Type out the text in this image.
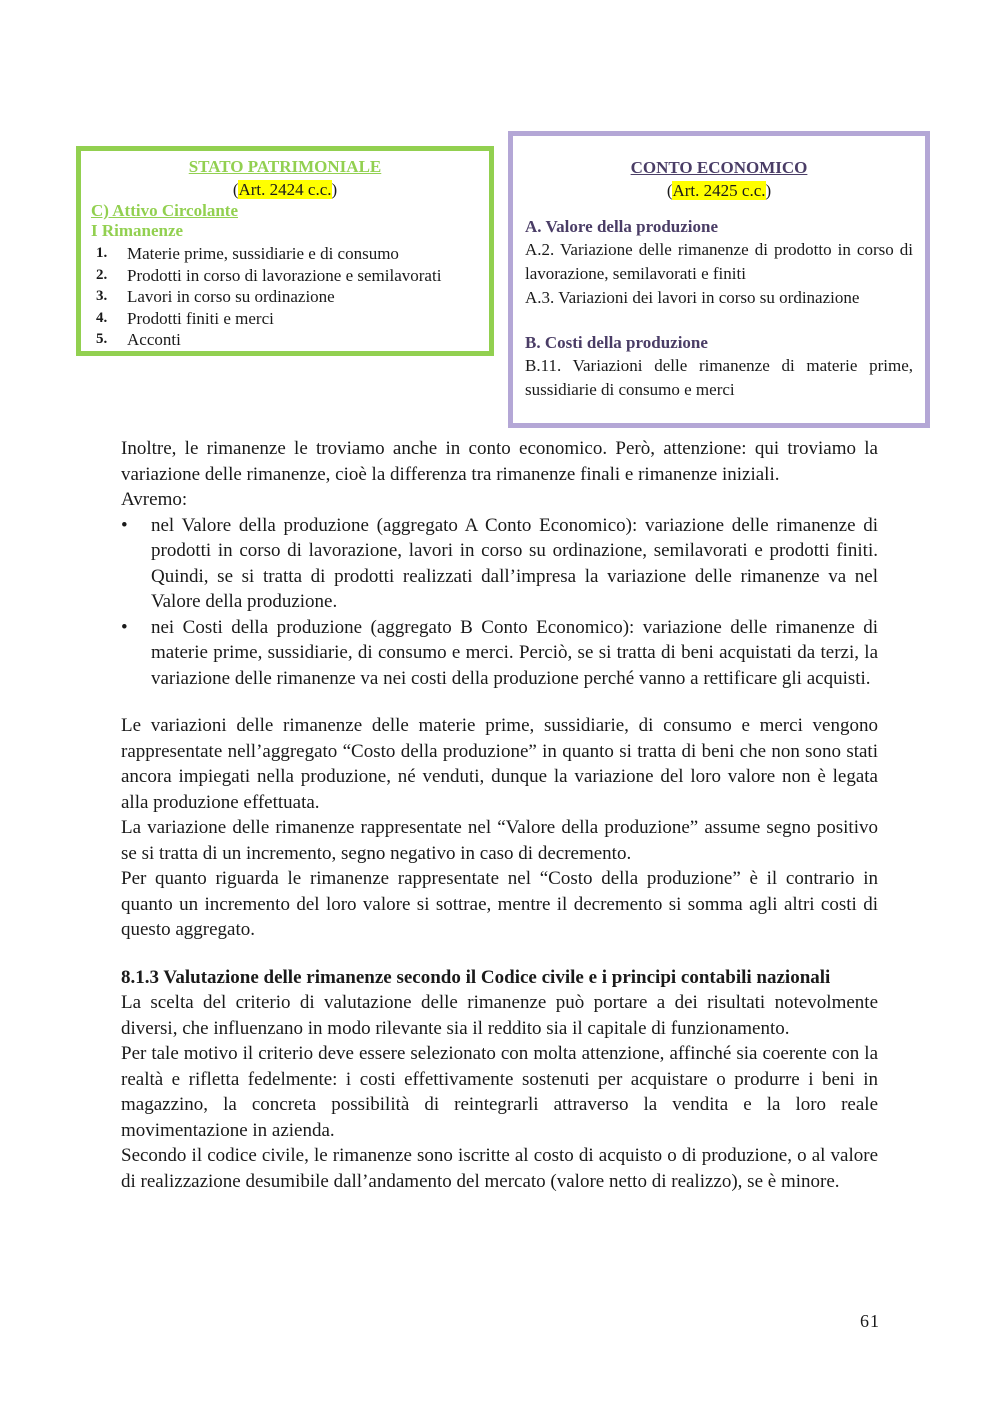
STATO PATRIMONIALE
(Art. 2424 c.c.)
C) Attivo Circolante
I Rimanenze
1.	Materie prime, sussidiarie e di consumo
2.	Prodotti in corso di lavorazione e semilavorati
3.	Lavori in corso su ordinazione
4.	Prodotti finiti e merci
5.	Acconti
CONTO ECONOMICO
(Art. 2425 c.c.)
A. Valore della produzione
A.2. Variazione delle rimanenze di prodotto in corso di lavorazione, semilavorati e finiti
A.3. Variazioni dei lavori in corso su ordinazione
B. Costi della produzione
B.11. Variazioni delle rimanenze di materie prime, sussidiarie di consumo e merci

Inoltre, le rimanenze le troviamo anche in conto economico. Però, attenzione: qui troviamo la variazione delle rimanenze, cioè la differenza tra rimanenze finali e rimanenze iniziali.

Avremo:

• nel Valore della produzione (aggregato A Conto Economico): variazione delle rimanenze di prodotti in corso di lavorazione, lavori in corso su ordinazione, semilavorati e prodotti finiti. Quindi, se si tratta di prodotti realizzati dall’impresa la variazione delle rimanenze va nel Valore della produzione.
• nei Costi della produzione (aggregato B Conto Economico): variazione delle rimanenze di materie prime, sussidiarie, di consumo e merci. Perciò, se si tratta di beni acquistati da terzi, la variazione delle rimanenze va nei costi della produzione perché vanno a rettificare gli acquisti.

Le variazioni delle rimanenze delle materie prime, sussidiarie, di consumo e merci vengono rappresentate nell’aggregato “Costo della produzione” in quanto si tratta di beni che non sono stati ancora impiegati nella produzione, né venduti, dunque la variazione del loro valore non è legata alla produzione effettuata.

La variazione delle rimanenze rappresentate nel “Valore della produzione” assume segno positivo se si tratta di un incremento, segno negativo in caso di decremento.

Per quanto riguarda le rimanenze rappresentate nel “Costo della produzione” è il contrario in quanto un incremento del loro valore si sottrae, mentre il decremento si somma agli altri costi di questo aggregato.

8.1.3 Valutazione delle rimanenze secondo il Codice civile e i principi contabili nazionali

La scelta del criterio di valutazione delle rimanenze può portare a dei risultati notevolmente diversi, che influenzano in modo rilevante sia il reddito sia il capitale di funzionamento.

Per tale motivo il criterio deve essere selezionato con molta attenzione, affinché sia coerente con la realtà e rifletta fedelmente: i costi effettivamente sostenuti per acquistare o produrre i beni in magazzino, la concreta possibilità di reintegrarli attraverso la vendita e la loro reale movimentazione in azienda.

Secondo il codice civile, le rimanenze sono iscritte al costo di acquisto o di produzione, o al valore di realizzazione desumibile dall’andamento del mercato (valore netto di realizzo), se è minore.

61
